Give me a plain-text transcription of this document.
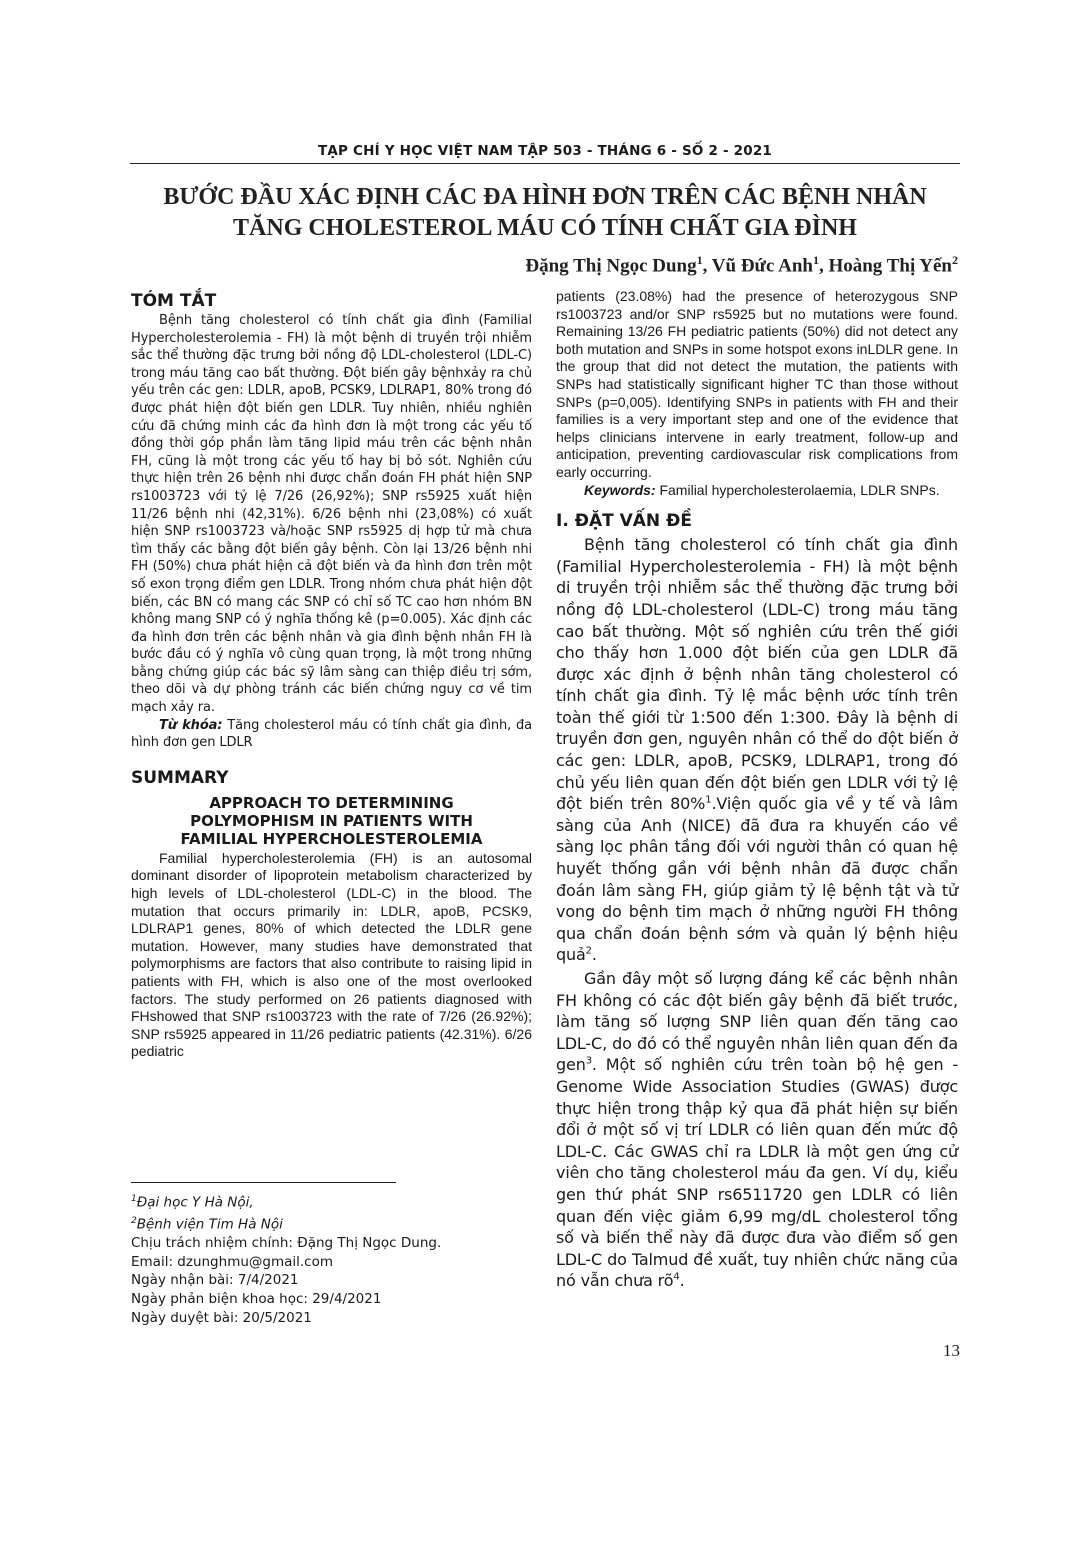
TẠP CHÍ Y HỌC VIỆT NAM TẬP 503 - THÁNG 6 - SỐ 2 - 2021
BƯỚC ĐẦU XÁC ĐỊNH CÁC ĐA HÌNH ĐƠN TRÊN CÁC BỆNH NHÂN
TĂNG CHOLESTEROL MÁU CÓ TÍNH CHẤT GIA ĐÌNH
Đặng Thị Ngọc Dung$^1$, Vũ Đức Anh$^1$, Hoàng Thị Yến$^2$
TÓM TẮT

Bệnh tăng cholesterol có tính chất gia đình (Familial Hypercholesterolemia - FH) là một bệnh di truyền trội nhiễm sắc thể thường đặc trưng bởi nồng độ LDL-cholesterol (LDL-C) trong máu tăng cao bất thường. Đột biến gây bệnhxảy ra chủ yếu trên các gen: LDLR, apoB, PCSK9, LDLRAP1, 80% trong đó được phát hiện đột biến gen LDLR. Tuy nhiên, nhiều nghiên cứu đã chứng minh các đa hình đơn là một trong các yếu tố đồng thời góp phần làm tăng lipid máu trên các bệnh nhân FH, cũng là một trong các yếu tố hay bị bỏ sót. Nghiên cứu thực hiện trên 26 bệnh nhi được chẩn đoán FH phát hiện SNP rs1003723 với tỷ lệ 7/26 (26,92%); SNP rs5925 xuất hiện 11/26 bệnh nhi (42,31%). 6/26 bệnh nhi (23,08%) có xuất hiện SNP rs1003723 và/hoặc SNP rs5925 dị hợp tử mà chưa tìm thấy các bằng đột biến gây bệnh. Còn lại 13/26 bệnh nhi FH (50%) chưa phát hiện cả đột biến và đa hình đơn trên một số exon trọng điểm gen LDLR. Trong nhóm chưa phát hiện đột biến, các BN có mang các SNP có chỉ số TC cao hơn nhóm BN không mang SNP có ý nghĩa thống kê (p=0.005). Xác định các đa hình đơn trên các bệnh nhân và gia đình bệnh nhân FH là bước đầu có ý nghĩa vô cùng quan trọng, là một trong những bằng chứng giúp các bác sỹ lâm sàng can thiệp điều trị sớm, theo dõi và dự phòng tránh các biến chứng nguy cơ về tim mạch xảy ra.

Từ khóa: Tăng cholesterol máu có tính chất gia đình, đa hình đơn gen LDLR

SUMMARY
APPROACH TO DETERMINING
POLYMOPHISM IN PATIENTS WITH
FAMILIAL HYPERCHOLESTEROLEMIA

Familial hypercholesterolemia (FH) is an autosomal dominant disorder of lipoprotein metabolism characterized by high levels of LDL-cholesterol (LDL-C) in the blood. The mutation that occurs primarily in: LDLR, apoB, PCSK9, LDLRAP1 genes, 80% of which detected the LDLR gene mutation. However, many studies have demonstrated that polymorphisms are factors that also contribute to raising lipid in patients with FH, which is also one of the most overlooked factors. The study performed on 26 patients diagnosed with FHshowed that SNP rs1003723 with the rate of 7/26 (26.92%); SNP rs5925 appeared in 11/26 pediatric patients (42.31%). 6/26 pediatric

$^1$Đại học Y Hà Nội,
$^2$Bệnh viện Tim Hà Nội
Chịu trách nhiệm chính: Đặng Thị Ngọc Dung.
Email: dzunghmu@gmail.com
Ngày nhận bài: 7/4/2021
Ngày phản biện khoa học: 29/4/2021
Ngày duyệt bài: 20/5/2021

patients (23.08%) had the presence of heterozygous SNP rs1003723 and/or SNP rs5925 but no mutations were found. Remaining 13/26 FH pediatric patients (50%) did not detect any both mutation and SNPs in some hotspot exons inLDLR gene. In the group that did not detect the mutation, the patients with SNPs had statistically significant higher TC than those without SNPs (p=0,005). Identifying SNPs in patients with FH and their families is a very important step and one of the evidence that helps clinicians intervene in early treatment, follow-up and anticipation, preventing cardiovascular risk complications from early occurring.

Keywords: Familial hypercholesterolaemia, LDLR SNPs.

I. ĐẶT VẤN ĐỀ

Bệnh tăng cholesterol có tính chất gia đình (Familial Hypercholesterolemia - FH) là một bệnh di truyền trội nhiễm sắc thể thường đặc trưng bởi nồng độ LDL-cholesterol (LDL-C) trong máu tăng cao bất thường. Một số nghiên cứu trên thế giới cho thấy hơn 1.000 đột biến của gen LDLR đã được xác định ở bệnh nhân tăng cholesterol có tính chất gia đình. Tỷ lệ mắc bệnh ước tính trên toàn thế giới từ 1:500 đến 1:300. Đây là bệnh di truyền đơn gen, nguyên nhân có thể do đột biến ở các gen: LDLR, apoB, PCSK9, LDLRAP1, trong đó chủ yếu liên quan đến đột biến gen LDLR với tỷ lệ đột biến trên 80%$^1$.Viện quốc gia về y tế và lâm sàng của Anh (NICE) đã đưa ra khuyến cáo về sàng lọc phân tầng đối với người thân có quan hệ huyết thống gần với bệnh nhân đã được chẩn đoán lâm sàng FH, giúp giảm tỷ lệ bệnh tật và tử vong do bệnh tim mạch ở những người FH thông qua chẩn đoán bệnh sớm và quản lý bệnh hiệu quả$^2$.

Gần đây một số lượng đáng kể các bệnh nhân FH không có các đột biến gây bệnh đã biết trước, làm tăng số lượng SNP liên quan đến tăng cao LDL-C, do đó có thể nguyên nhân liên quan đến đa gen$^3$. Một số nghiên cứu trên toàn bộ hệ gen - Genome Wide Association Studies (GWAS) được thực hiện trong thập kỷ qua đã phát hiện sự biến đổi ở một số vị trí LDLR có liên quan đến mức độ LDL-C. Các GWAS chỉ ra LDLR là một gen ứng cử viên cho tăng cholesterol máu đa gen. Ví dụ, kiểu gen thứ phát SNP rs6511720 gen LDLR có liên quan đến việc giảm 6,99 mg/dL cholesterol tổng số và biến thể này đã được đưa vào điểm số gen LDL-C do Talmud đề xuất, tuy nhiên chức năng của nó vẫn chưa rõ$^4$.

13
